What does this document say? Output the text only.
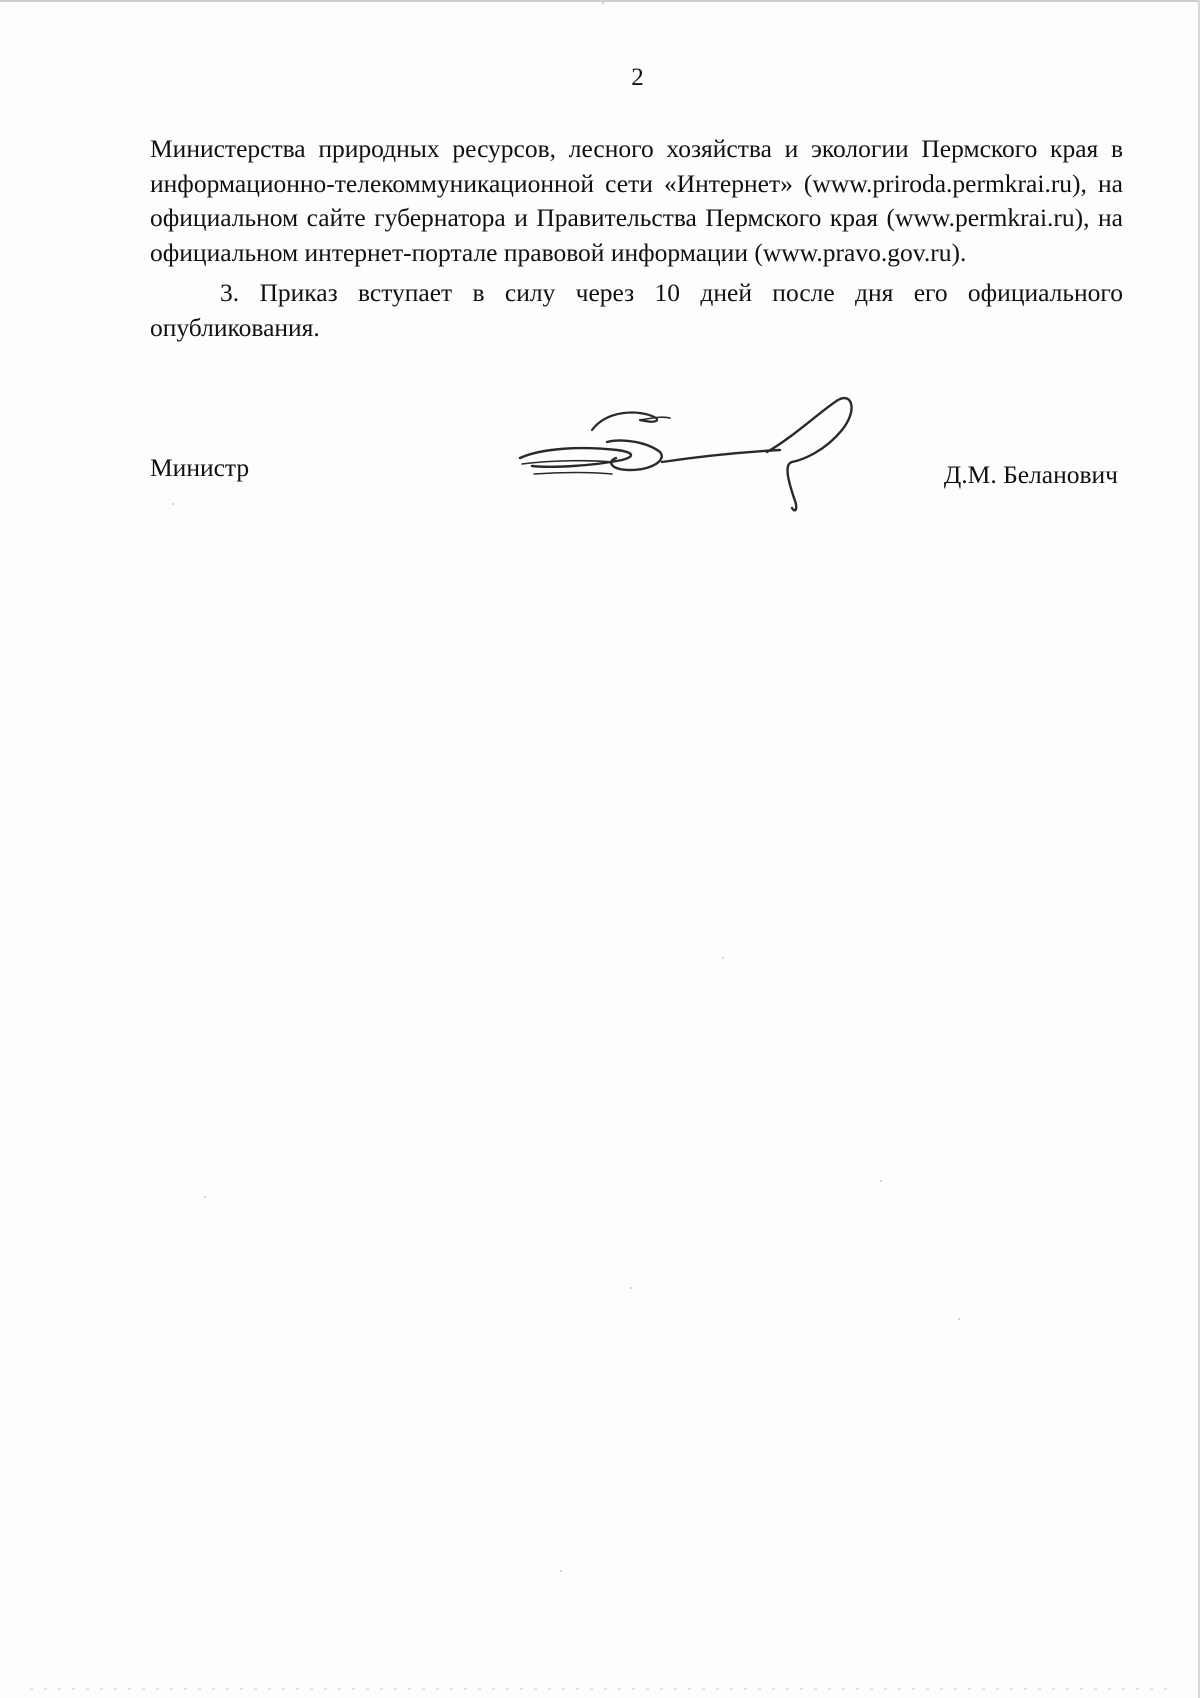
2

Министерства природных ресурсов, лесного хозяйства и экологии Пермского края в информационно-телекоммуникационной сети «Интернет» (www.priroda.permkrai.ru), на официальном сайте губернатора и Правительства Пермского края (www.permkrai.ru), на официальном интернет-портале правовой информации (www.pravo.gov.ru).

3. Приказ вступает в силу через 10 дней после дня его официального опубликования.

Министр	Д.М. Беланович
